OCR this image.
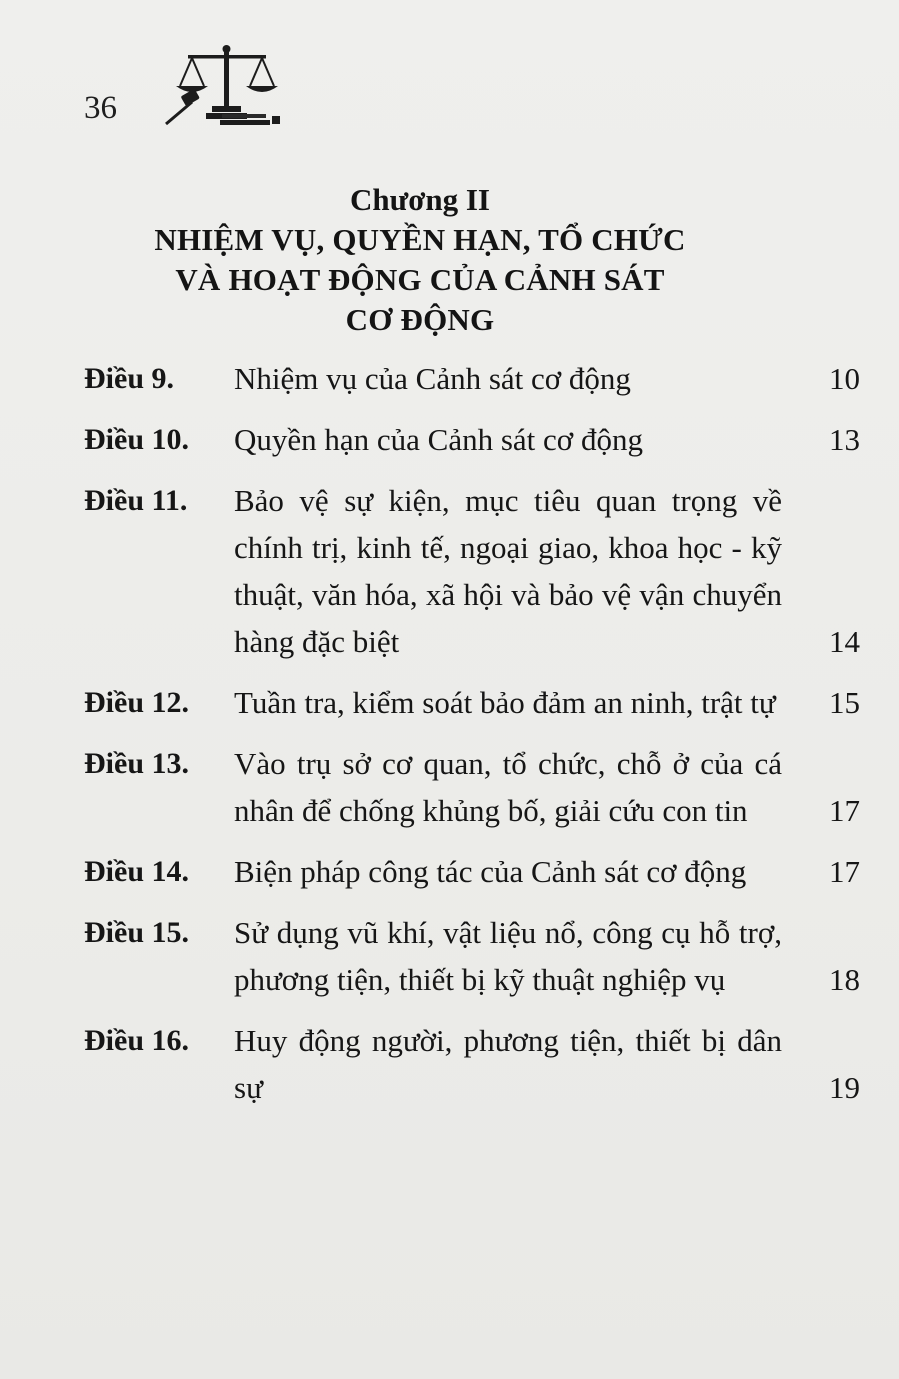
36
Chương II
NHIỆM VỤ, QUYỀN HẠN, TỔ CHỨC
VÀ HOẠT ĐỘNG CỦA CẢNH SÁT
CƠ ĐỘNG
Điều 9.	Nhiệm vụ của Cảnh sát cơ động	10
Điều 10.	Quyền hạn của Cảnh sát cơ động	13
Điều 11.	Bảo vệ sự kiện, mục tiêu quan trọng về chính trị, kinh tế, ngoại giao, khoa học - kỹ thuật, văn hóa, xã hội và bảo vệ vận chuyển hàng đặc biệt	14
Điều 12.	Tuần tra, kiểm soát bảo đảm an ninh, trật tự	15
Điều 13.	Vào trụ sở cơ quan, tổ chức, chỗ ở của cá nhân để chống khủng bố, giải cứu con tin	17
Điều 14.	Biện pháp công tác của Cảnh sát cơ động	17
Điều 15.	Sử dụng vũ khí, vật liệu nổ, công cụ hỗ trợ, phương tiện, thiết bị kỹ thuật nghiệp vụ	18
Điều 16.	Huy động người, phương tiện, thiết bị dân sự	19
